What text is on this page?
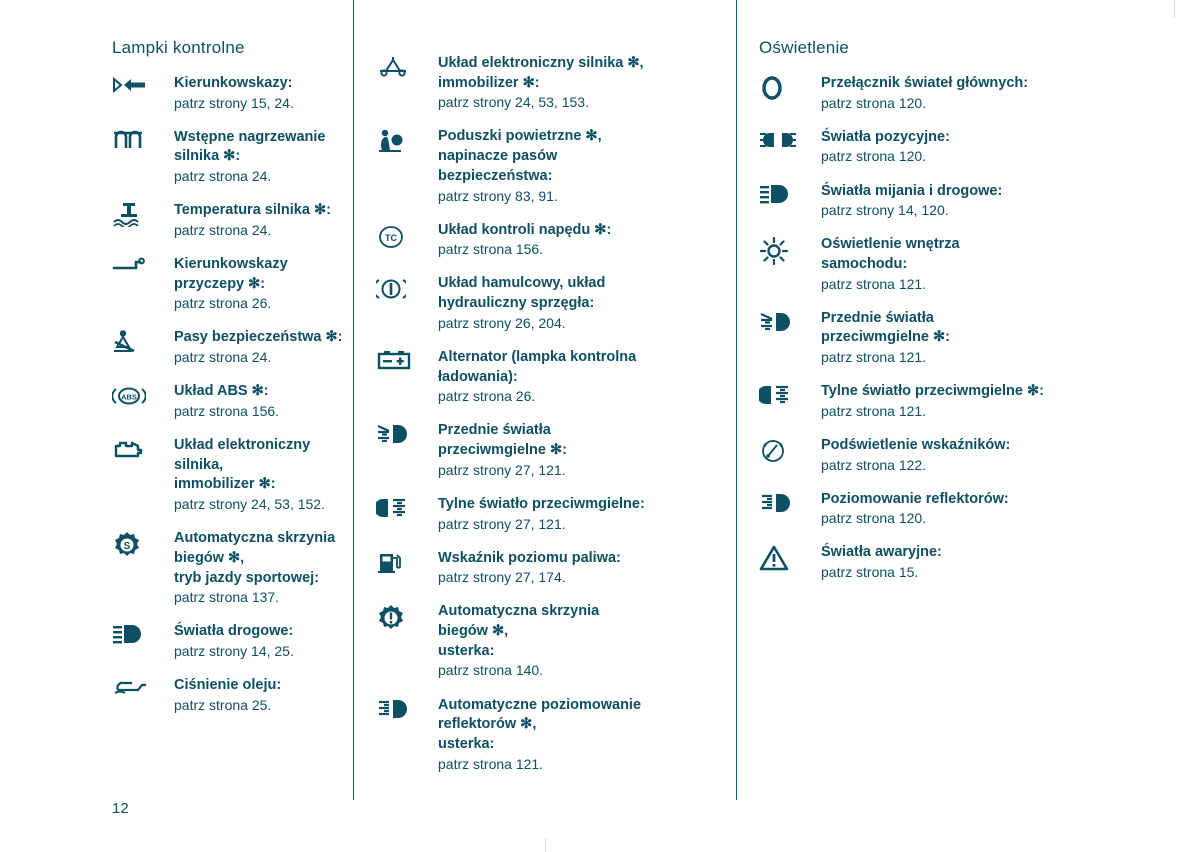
Lampki kontrolne

Kierunkowskazy:

patrz strony 15, 24.

Wstępne nagrzewanie silnika ✻:

patrz strona 24.

Temperatura silnika ✻:

patrz strona 24.

Kierunkowskazy przyczepy ✻:

patrz strona 26.

Pasy bezpieczeństwa ✻:

patrz strona 24.

ABS	Układ ABS ✻:

patrz strona 156.

Układ elektroniczny silnika,

immobilizer ✻:

patrz strony 24, 53, 152.

S

Automatyczna skrzynia

biegów ✻,

tryb jazdy sportowej:

patrz strona 137.

Światła drogowe:

patrz strony 14, 25.

Ciśnienie oleju:

patrz strona 25.

Układ elektroniczny silnika ✻,

immobilizer ✻:

patrz strony 24, 53, 153.

Poduszki powietrzne ✻,

napinacze pasów

bezpieczeństwa:

patrz strony 83, 91.

TC	Układ kontroli napędu ✻:

patrz strona 156.

Układ hamulcowy, układ

hydrauliczny sprzęgła:

patrz strony 26, 204.

Alternator (lampka kontrolna

ładowania):

patrz strona 26.

Przednie światła

przeciwmgielne ✻:

patrz strony 27, 121.

Tylne światło przeciwmgielne:

patrz strony 27, 121.

Wskaźnik poziomu paliwa:

patrz strony 27, 174.

Automatyczna skrzynia

biegów ✻,

usterka:

patrz strona 140.

Automatyczne poziomowanie

reflektorów ✻,

usterka:

patrz strona 121.

Oświetlenie

Przełącznik świateł głównych:

patrz strona 120.

Światła pozycyjne:

patrz strona 120.

Światła mijania i drogowe:

patrz strony 14, 120.

Oświetlenie wnętrza

samochodu:

patrz strona 121.

Przednie światła

przeciwmgielne ✻:

patrz strona 121.

Tylne światło przeciwmgielne ✻:

patrz strona 121.

Podświetlenie wskaźników:

patrz strona 122.

Poziomowanie reflektorów:

patrz strona 120.

Światła awaryjne:

patrz strona 15.

12
